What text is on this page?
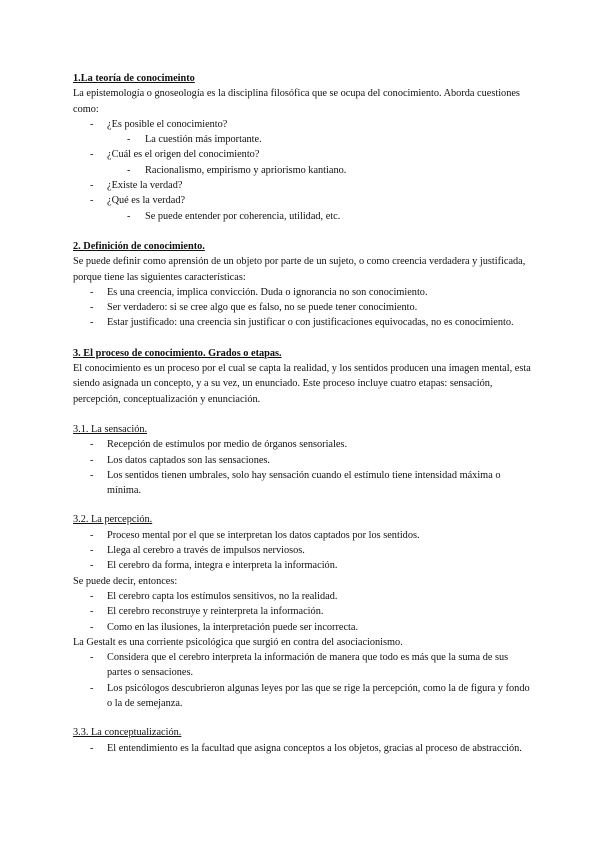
1.La teoría de conocimeinto

La epistemología o gnoseología es la disciplina filosófica que se ocupa del conocimiento. Aborda cuestiones como:

- ¿Es posible el conocimiento?
- La cuestión más importante.
- ¿Cuál es el origen del conocimiento?
- Racionalismo, empirismo y apriorismo kantiano.
- ¿Existe la verdad?
- ¿Qué es la verdad?
- Se puede entender por coherencia, utilidad, etc.

2. Definición de conocimiento.

Se puede definir como aprensión de un objeto por parte de un sujeto, o como creencia verdadera y justificada, porque tiene las siguientes características:

- Es una creencia, implica convicción. Duda o ignorancia no son conocimiento.
- Ser verdadero: si se cree algo que es falso, no se puede tener conocimiento.
- Estar justificado: una creencia sin justificar o con justificaciones equivocadas, no es conocimiento.

3. El proceso de conocimiento. Grados o etapas.

El conocimiento es un proceso por el cual se capta la realidad, y los sentidos producen una imagen mental, esta siendo asignada un concepto, y a su vez, un enunciado. Este proceso incluye cuatro etapas: sensación, percepción, conceptualización y enunciación.

3.1. La sensación.

- Recepción de estímulos por medio de órganos sensoriales.
- Los datos captados son las sensaciones.
- Los sentidos tienen umbrales, solo hay sensación cuando el estímulo tiene intensidad máxima o mínima.

3.2. La percepción.

- Proceso mental por el que se interpretan los datos captados por los sentidos.
- Llega al cerebro a través de impulsos nerviosos.
- El cerebro da forma, integra e interpreta la información.

Se puede decir, entonces:

- El cerebro capta los estímulos sensitivos, no la realidad.
- El cerebro reconstruye y reinterpreta la información.
- Como en las ilusiones, la interpretación puede ser incorrecta.

La Gestalt es una corriente psicológica que surgió en contra del asociacionismo.

- Considera que el cerebro interpreta la información de manera que todo es más que la suma de sus partes o sensaciones.
- Los psicólogos descubrieron algunas leyes por las que se rige la percepción, como la de figura y fondo o la de semejanza.

3.3. La conceptualización.

- El entendimiento es la facultad que asigna conceptos a los objetos, gracias al proceso de abstracción.
